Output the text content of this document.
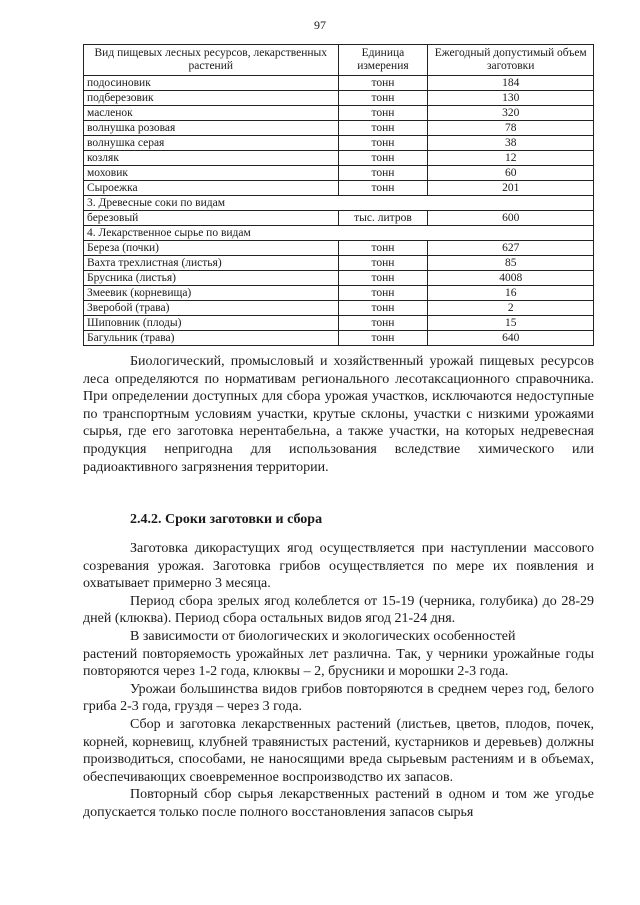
97
Вид пищевых лесных ресурсов, лекарственных растений	Единица измерения	Ежегодный допустимый объем заготовки
подосиновик	тонн	184
подберезовик	тонн	130
масленок	тонн	320
волнушка розовая	тонн	78
волнушка серая	тонн	38
козляк	тонн	12
моховик	тонн	60
Сыроежка	тонн	201
3. Древесные соки по видам		
березовый	тыс. литров	600
4. Лекарственное сырье по видам		
Береза (почки)	тонн	627
Вахта трехлистная (листья)	тонн	85
Брусника (листья)	тонн	4008
Змеевик (корневища)	тонн	16
Зверобой (трава)	тонн	2
Шиповник (плоды)	тонн	15
Багульник (трава)	тонн	640

Биологический, промысловый и хозяйственный урожай пищевых ресурсов леса определяются по нормативам регионального лесотаксационного справочника. При определении доступных для сбора урожая участков, исключаются недоступные по транспортным условиям участки, крутые склоны, участки с низкими урожаями сырья, где его заготовка нерентабельна, а также участки, на которых недревесная продукция непригодна для использования вследствие химического или радиоактивного загрязнения территории.

2.4.2. Сроки заготовки и сбора

Заготовка дикорастущих ягод осуществляется при наступлении массового созревания урожая. Заготовка грибов осуществляется по мере их появления и охватывает примерно 3 месяца.

Период сбора зрелых ягод колеблется от 15-19 (черника, голубика) до 28-29 дней (клюква). Период сбора остальных видов ягод 21-24 дня.

В зависимости от биологических и экологических особенностей

растений повторяемость урожайных лет различна. Так, у черники урожайные годы повторяются через 1-2 года, клюквы – 2, брусники и морошки 2-3 года.

Урожаи большинства видов грибов повторяются в среднем через год, белого гриба 2-3 года, груздя – через 3 года.

Сбор и заготовка лекарственных растений (листьев, цветов, плодов, почек, корней, корневищ, клубней травянистых растений, кустарников и деревьев) должны производиться, способами, не наносящими вреда сырьевым растениям и в объемах, обеспечивающих своевременное воспроизводство их запасов.

Повторный сбор сырья лекарственных растений в одном и том же угодье допускается только после полного восстановления запасов сырья
